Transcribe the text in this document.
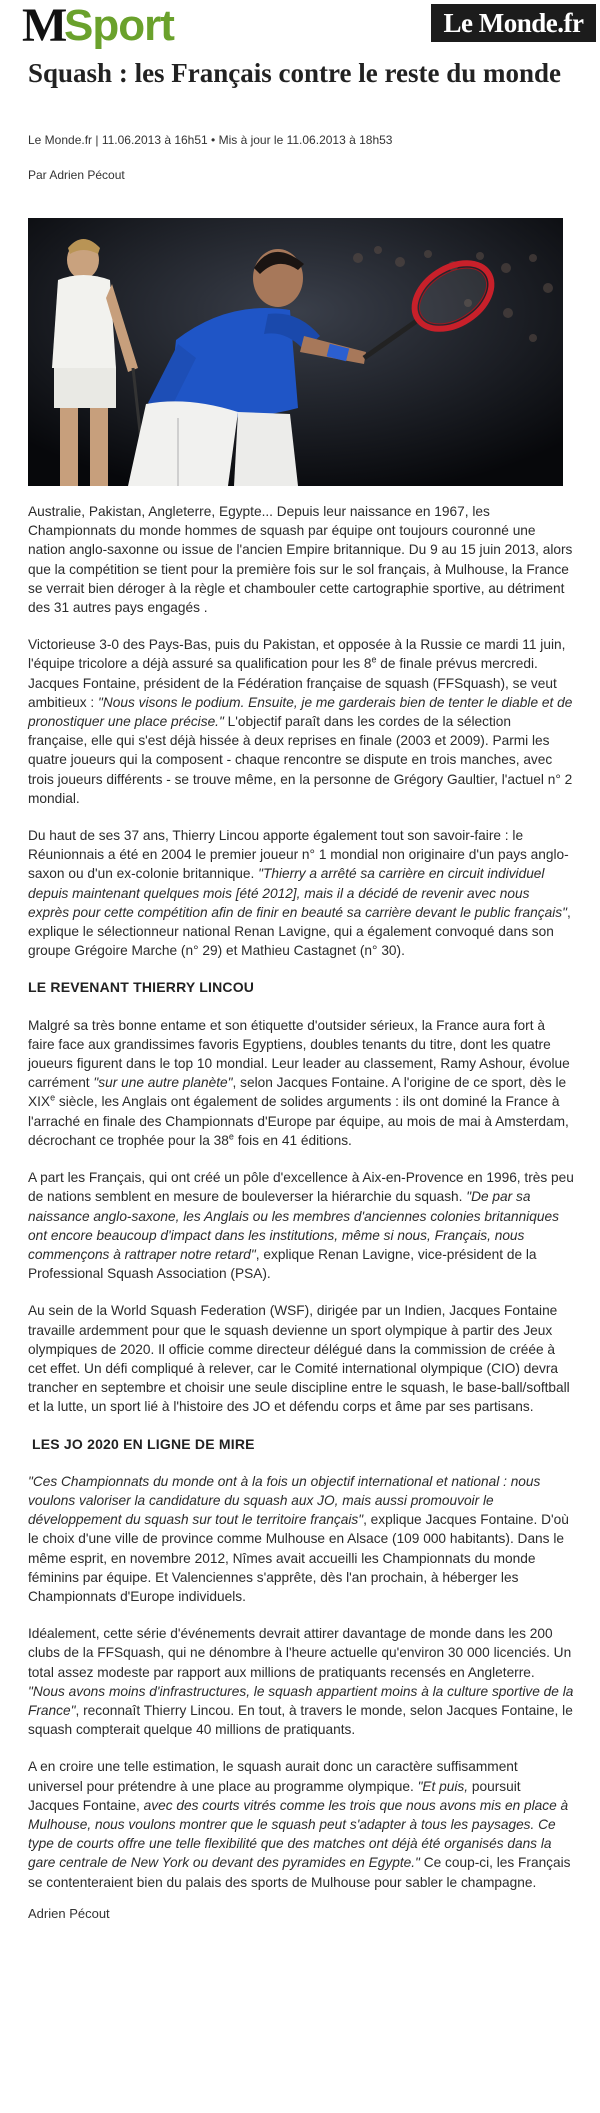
M
Sport	Le Monde.fr
Squash : les Français contre le reste du monde
Le Monde.fr | 11.06.2013 à 16h51 • Mis à jour le 11.06.2013 à 18h53
Par Adrien Pécout

Australie, Pakistan, Angleterre, Egypte... Depuis leur naissance en 1967, les Championnats du monde hommes de squash par équipe ont toujours couronné une nation anglo-saxonne ou issue de l'ancien Empire britannique. Du 9 au 15 juin 2013, alors que la compétition se tient pour la première fois sur le sol français, à Mulhouse, la France se verrait bien déroger à la règle et chambouler cette cartographie sportive, au détriment des 31 autres pays engagés .

Victorieuse 3-0 des Pays-Bas, puis du Pakistan, et opposée à la Russie ce mardi 11 juin, l'équipe tricolore a déjà assuré sa qualification pour les 8e de finale prévus mercredi. Jacques Fontaine, président de la Fédération française de squash (FFSquash), se veut ambitieux : "Nous visons le podium. Ensuite, je me garderais bien de tenter le diable et de pronostiquer une place précise." L'objectif paraît dans les cordes de la sélection française, elle qui s'est déjà hissée à deux reprises en finale (2003 et 2009). Parmi les quatre joueurs qui la composent - chaque rencontre se dispute en trois manches, avec trois joueurs différents - se trouve même, en la personne de Grégory Gaultier, l'actuel n° 2 mondial.

Du haut de ses 37 ans, Thierry Lincou apporte également tout son savoir-faire : le Réunionnais a été en 2004 le premier joueur n° 1 mondial non originaire d'un pays anglo-saxon ou d'un ex-colonie britannique. "Thierry a arrêté sa carrière en circuit individuel depuis maintenant quelques mois [été 2012], mais il a décidé de revenir avec nous exprès pour cette compétition afin de finir en beauté sa carrière devant le public français", explique le sélectionneur national Renan Lavigne, qui a également convoqué dans son groupe Grégoire Marche (n° 29) et Mathieu Castagnet (n° 30).

LE REVENANT THIERRY LINCOU

Malgré sa très bonne entame et son étiquette d'outsider sérieux, la France aura fort à faire face aux grandissimes favoris Egyptiens, doubles tenants du titre, dont les quatre joueurs figurent dans le top 10 mondial. Leur leader au classement, Ramy Ashour, évolue carrément "sur une autre planète", selon Jacques Fontaine. A l'origine de ce sport, dès le XIXe siècle, les Anglais ont également de solides arguments : ils ont dominé la France à l'arraché en finale des Championnats d'Europe par équipe, au mois de mai à Amsterdam, décrochant ce trophée pour la 38e fois en 41 éditions.

A part les Français, qui ont créé un pôle d'excellence à Aix-en-Provence en 1996, très peu de nations semblent en mesure de bouleverser la hiérarchie du squash. "De par sa naissance anglo-saxone, les Anglais ou les membres d'anciennes colonies britanniques ont encore beaucoup d'impact dans les institutions, même si nous, Français, nous commençons à rattraper notre retard", explique Renan Lavigne, vice-président de la Professional Squash Association (PSA).

Au sein de la World Squash Federation (WSF), dirigée par un Indien, Jacques Fontaine travaille ardemment pour que le squash devienne un sport olympique à partir des Jeux olympiques de 2020. Il officie comme directeur délégué dans la commission de créée à cet effet. Un défi compliqué à relever, car le Comité international olympique (CIO) devra trancher en septembre et choisir une seule discipline entre le squash, le base-ball/softball et la lutte, un sport lié à l'histoire des JO et défendu corps et âme par ses partisans.

LES JO 2020 EN LIGNE DE MIRE

"Ces Championnats du monde ont à la fois un objectif international et national : nous voulons valoriser la candidature du squash aux JO, mais aussi promouvoir le développement du squash sur tout le territoire français", explique Jacques Fontaine. D'où le choix d'une ville de province comme Mulhouse en Alsace (109 000 habitants). Dans le même esprit, en novembre 2012, Nîmes avait accueilli les Championnats du monde féminins par équipe. Et Valenciennes s'apprête, dès l'an prochain, à héberger les Championnats d'Europe individuels.

Idéalement, cette série d'événements devrait attirer davantage de monde dans les 200 clubs de la FFSquash, qui ne dénombre à l'heure actuelle qu'environ 30 000 licenciés. Un total assez modeste par rapport aux millions de pratiquants recensés en Angleterre. "Nous avons moins d'infrastructures, le squash appartient moins à la culture sportive de la France", reconnaît Thierry Lincou. En tout, à travers le monde, selon Jacques Fontaine, le squash compterait quelque 40 millions de pratiquants.

A en croire une telle estimation, le squash aurait donc un caractère suffisamment universel pour prétendre à une place au programme olympique. "Et puis, poursuit Jacques Fontaine, avec des courts vitrés comme les trois que nous avons mis en place à Mulhouse, nous voulons montrer que le squash peut s'adapter à tous les paysages. Ce type de courts offre une telle flexibilité que des matches ont déjà été organisés dans la gare centrale de New York ou devant des pyramides en Egypte." Ce coup-ci, les Français se contenteraient bien du palais des sports de Mulhouse pour sabler le champagne.

Adrien Pécout
